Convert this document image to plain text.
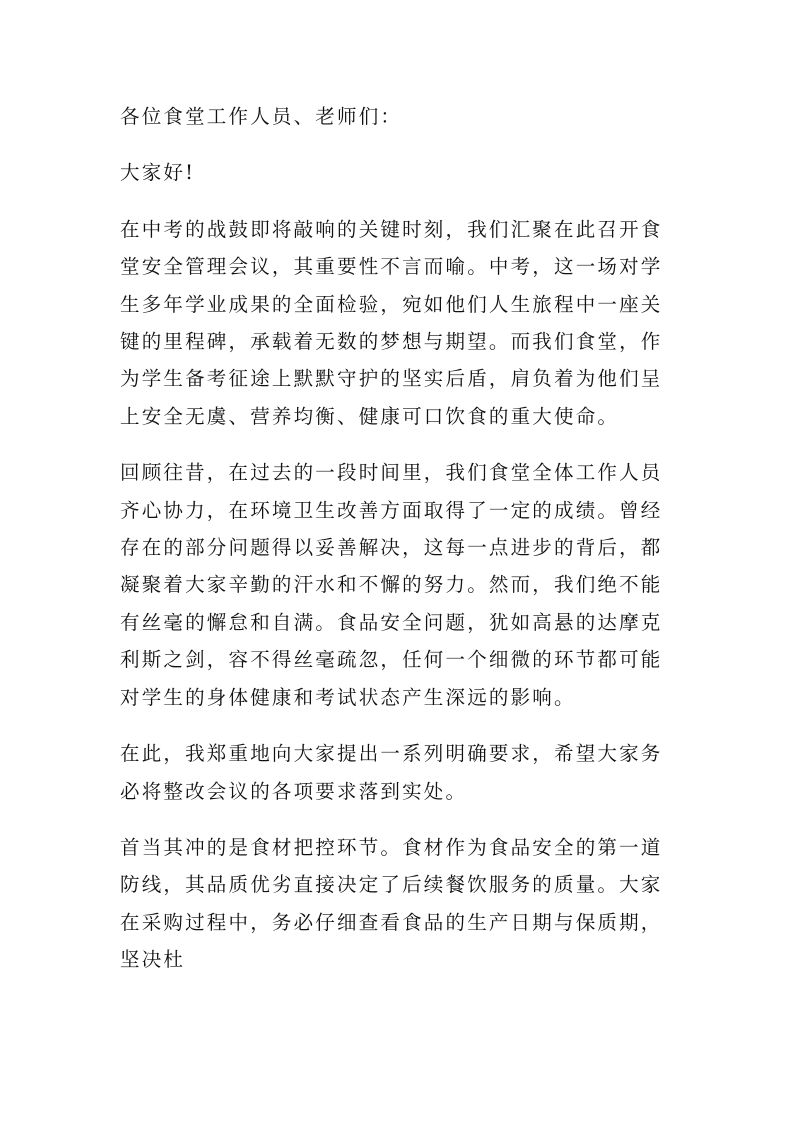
各位食堂工作人员、老师们：

大家好!

在中考的战鼓即将敲响的关键时刻，我们汇聚在此召开食堂安全管理会议，其重要性不言而喻。中考，这一场对学生多年学业成果的全面检验，宛如他们人生旅程中一座关键的里程碑，承载着无数的梦想与期望。而我们食堂，作为学生备考征途上默默守护的坚实后盾，肩负着为他们呈上安全无虞、营养均衡、健康可口饮食的重大使命。

回顾往昔，在过去的一段时间里，我们食堂全体工作人员齐心协力，在环境卫生改善方面取得了一定的成绩。曾经存在的部分问题得以妥善解决，这每一点进步的背后，都凝聚着大家辛勤的汗水和不懈的努力。然而，我们绝不能有丝毫的懈怠和自满。食品安全问题，犹如高悬的达摩克利斯之剑，容不得丝毫疏忽，任何一个细微的环节都可能对学生的身体健康和考试状态产生深远的影响。

在此，我郑重地向大家提出一系列明确要求，希望大家务必将整改会议的各项要求落到实处。

首当其冲的是食材把控环节。食材作为食品安全的第一道防线，其品质优劣直接决定了后续餐饮服务的质量。大家在采购过程中，务必仔细查看食品的生产日期与保质期，坚决杜
